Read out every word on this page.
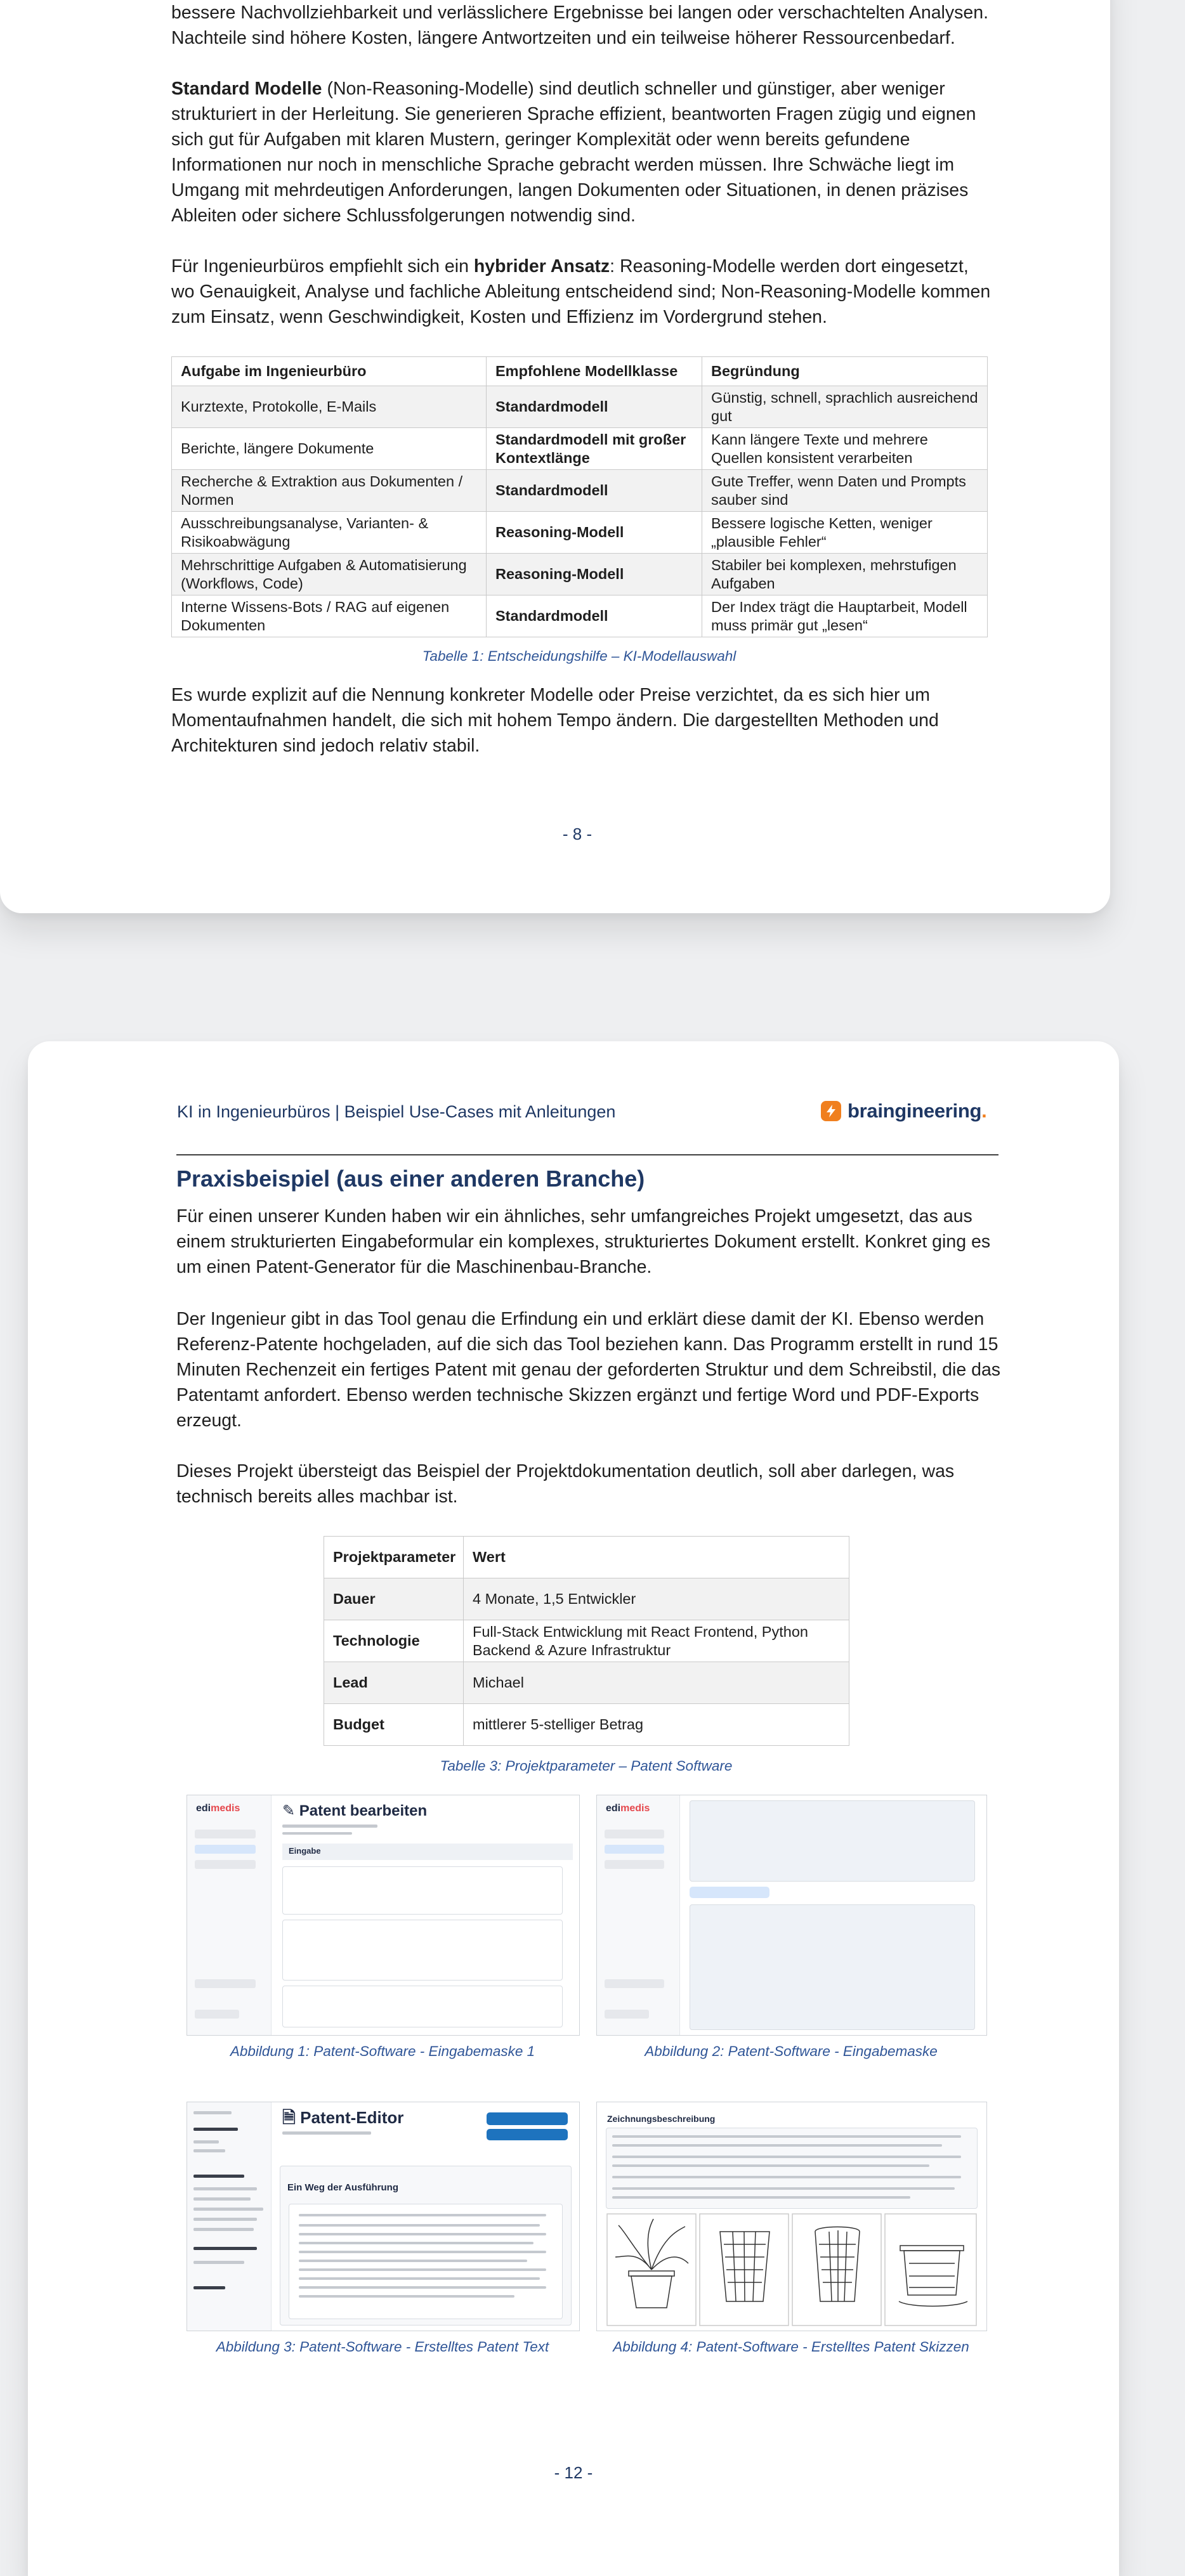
bessere Nachvollziehbarkeit und verlässlichere Ergebnisse bei langen oder verschachtelten Analysen. Nachteile sind höhere Kosten, längere Antwortzeiten und ein teilweise höherer Ressourcenbedarf.

Standard Modelle (Non-Reasoning-Modelle) sind deutlich schneller und günstiger, aber weniger strukturiert in der Herleitung. Sie generieren Sprache effizient, beantworten Fragen zügig und eignen sich gut für Aufgaben mit klaren Mustern, geringer Komplexität oder wenn bereits gefundene Informationen nur noch in menschliche Sprache gebracht werden müssen. Ihre Schwäche liegt im Umgang mit mehrdeutigen Anforderungen, langen Dokumenten oder Situationen, in denen präzises Ableiten oder sichere Schlussfolgerungen notwendig sind.

Für Ingenieurbüros empfiehlt sich ein hybrider Ansatz: Reasoning-Modelle werden dort eingesetzt, wo Genauigkeit, Analyse und fachliche Ableitung entscheidend sind; Non-Reasoning-Modelle kommen zum Einsatz, wenn Geschwindigkeit, Kosten und Effizienz im Vordergrund stehen.

Aufgabe im Ingenieurbüro	Empfohlene Modellklasse	Begründung
Kurztexte, Protokolle, E-Mails	Standardmodell	Günstig, schnell, sprachlich ausreichend gut
Berichte, längere Dokumente	Standardmodell mit großer Kontextlänge	Kann längere Texte und mehrere Quellen konsistent verarbeiten
Recherche & Extraktion aus Dokumenten / Normen	Standardmodell	Gute Treffer, wenn Daten und Prompts sauber sind
Ausschreibungsanalyse, Varianten- & Risikoabwägung	Reasoning-Modell	Bessere logische Ketten, weniger „plausible Fehler“
Mehrschrittige Aufgaben & Automatisierung (Workflows, Code)	Reasoning-Modell	Stabiler bei komplexen, mehrstufigen Aufgaben
Interne Wissens-Bots / RAG auf eigenen Dokumenten	Standardmodell	Der Index trägt die Hauptarbeit, Modell muss primär gut „lesen“
Tabelle 1: Entscheidungshilfe – KI-Modellauswahl

Es wurde explizit auf die Nennung konkreter Modelle oder Preise verzichtet, da es sich hier um Momentaufnahmen handelt, die sich mit hohem Tempo ändern. Die dargestellten Methoden und Architekturen sind jedoch relativ stabil.

- 8 -
KI in Ingenieurbüros | Beispiel Use-Cases mit Anleitungen	braingineering.
Praxisbeispiel (aus einer anderen Branche)

Für einen unserer Kunden haben wir ein ähnliches, sehr umfangreiches Projekt umgesetzt, das aus einem strukturierten Eingabeformular ein komplexes, strukturiertes Dokument erstellt. Konkret ging es um einen Patent-Generator für die Maschinenbau-Branche.

Der Ingenieur gibt in das Tool genau die Erfindung ein und erklärt diese damit der KI. Ebenso werden Referenz-Patente hochgeladen, auf die sich das Tool beziehen kann. Das Programm erstellt in rund 15 Minuten Rechenzeit ein fertiges Patent mit genau der geforderten Struktur und dem Schreibstil, die das Patentamt anfordert. Ebenso werden technische Skizzen ergänzt und fertige Word und PDF-Exports erzeugt.

Dieses Projekt übersteigt das Beispiel der Projektdokumentation deutlich, soll aber darlegen, was technisch bereits alles machbar ist.

Projektparameter	Wert
Dauer	4 Monate, 1,5 Entwickler
Technologie	Full-Stack Entwicklung mit React Frontend, Python Backend & Azure Infrastruktur
Lead	Michael
Budget	mittlerer 5-stelliger Betrag
Tabelle 3: Projektparameter – Patent Software
edimedis	✎ Patent bearbeiten
Eingabe
edimedis
Abbildung 1: Patent-Software - Eingabemaske 1	Abbildung 2: Patent-Software - Eingabemaske
🗎 Patent-Editor
Ein Weg der Ausführung
Zeichnungsbeschreibung
Abbildung 3: Patent-Software - Erstelltes Patent Text	Abbildung 4: Patent-Software - Erstelltes Patent Skizzen
- 12 -
